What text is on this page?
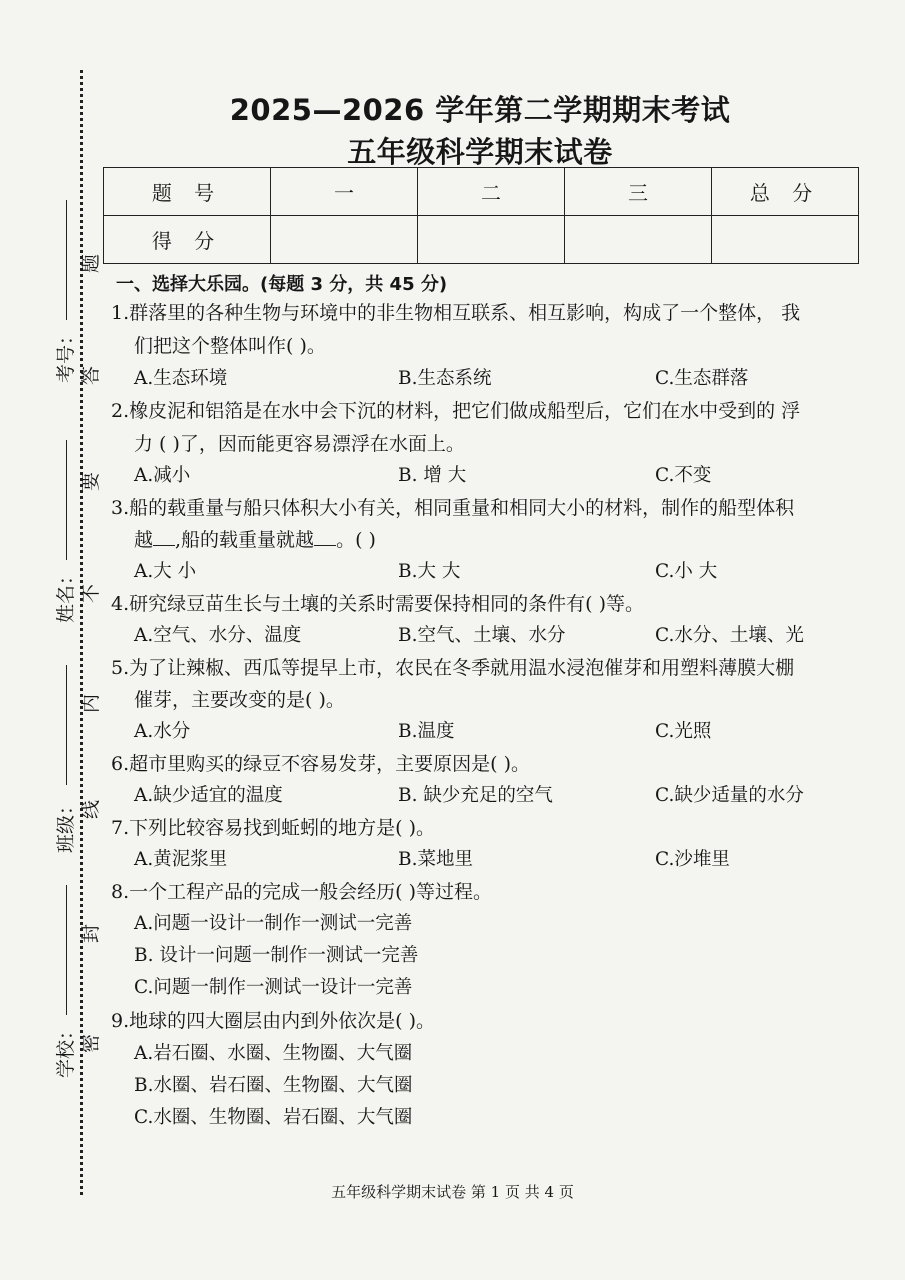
考号：
姓名：
班级：
学校：
题
答
要
不
内
线
封
密
2025—2026 学年第二学期期末考试
五年级科学期末试卷
题 号	一	二	三	总 分
得 分				
一、选择大乐园。(每题 3 分，共 45 分)
1.群落里的各种生物与环境中的非生物相互联系、相互影响，构成了一个整体， 我
们把这个整体叫作( )。
A.生态环境	B.生态系统	C.生态群落
2.橡皮泥和铝箔是在水中会下沉的材料，把它们做成船型后，它们在水中受到的 浮
力 ( )了，因而能更容易漂浮在水面上。
A.减小	B. 增 大	C.不变
3.船的载重量与船只体积大小有关，相同重量和相同大小的材料，制作的船型体积
越 ,船的载重量就越 。( )
A.大 小	B.大 大	C.小 大
4.研究绿豆苗生长与土壤的关系时需要保持相同的条件有( )等。
A.空气、水分、温度	B.空气、土壤、水分	C.水分、土壤、光
5.为了让辣椒、西瓜等提早上市，农民在冬季就用温水浸泡催芽和用塑料薄膜大棚
催芽，主要改变的是( )。
A.水分	B.温度	C.光照
6.超市里购买的绿豆不容易发芽，主要原因是( )。
A.缺少适宜的温度	B. 缺少充足的空气	C.缺少适量的水分
7.下列比较容易找到蚯蚓的地方是( )。
A.黄泥浆里	B.菜地里	C.沙堆里
8.一个工程产品的完成一般会经历( )等过程。
A.问题一设计一制作一测试一完善
B. 设计一问题一制作一测试一完善
C.问题一制作一测试一设计一完善
9.地球的四大圈层由内到外依次是( )。
A.岩石圈、水圈、生物圈、大气圈
B.水圈、岩石圈、生物圈、大气圈
C.水圈、生物圈、岩石圈、大气圈
五年级科学期末试卷 第 1 页 共 4 页
